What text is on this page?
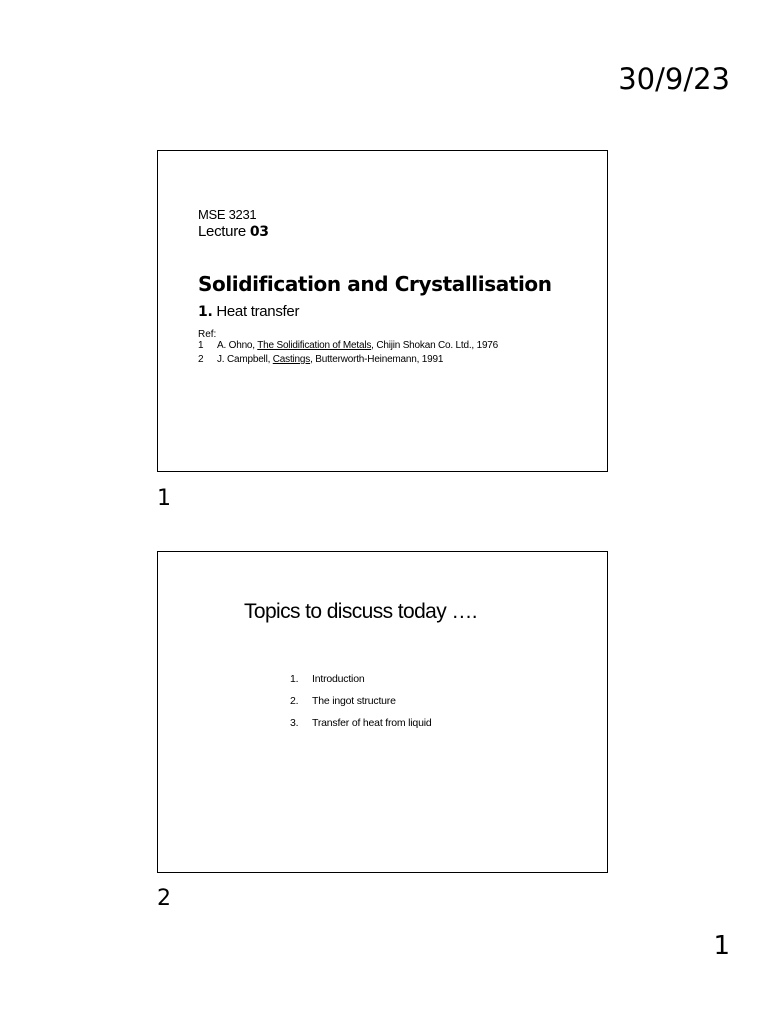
30/9/23
MSE 3231
Lecture 03
Solidification and Crystallisation
1. Heat transfer
Ref:
1 A. Ohno, The Solidification of Metals, Chijin Shokan Co. Ltd., 1976
2 J. Campbell, Castings, Butterworth-Heinemann, 1991
1
Topics to discuss today ….
1. Introduction
2. The ingot structure
3. Transfer of heat from liquid
2
1
